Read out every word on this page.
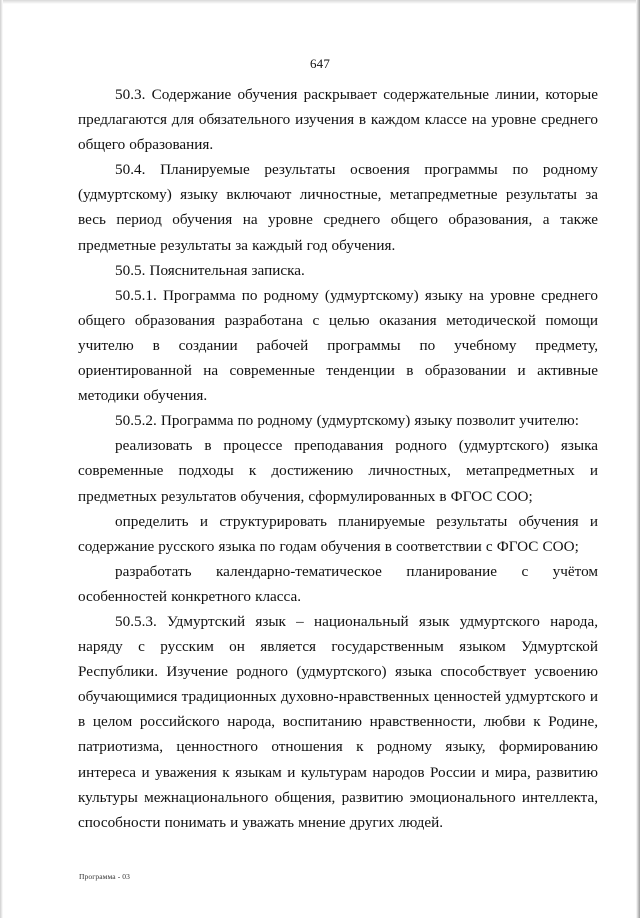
647

50.3. Содержание обучения раскрывает содержательные линии, которые предлагаются для обязательного изучения в каждом классе на уровне среднего общего образования.

50.4. Планируемые результаты освоения программы по родному (удмуртскому) языку включают личностные, метапредметные результаты за весь период обучения на уровне среднего общего образования, а также предметные результаты за каждый год обучения.

50.5. Пояснительная записка.

50.5.1. Программа по родному (удмуртскому) языку на уровне среднего общего образования разработана с целью оказания методической помощи учителю в создании рабочей программы по учебному предмету, ориентированной на современные тенденции в образовании и активные методики обучения.

50.5.2. Программа по родному (удмуртскому) языку позволит учителю:

реализовать в процессе преподавания родного (удмуртского) языка современные подходы к достижению личностных, метапредметных и предметных результатов обучения, сформулированных в ФГОС СОО;

определить и структурировать планируемые результаты обучения и содержание русского языка по годам обучения в соответствии с ФГОС СОО;

разработать календарно-тематическое планирование с учётом особенностей конкретного класса.

50.5.3. Удмуртский язык – национальный язык удмуртского народа, наряду с русским он является государственным языком Удмуртской Республики. Изучение родного (удмуртского) языка способствует усвоению обучающимися традиционных духовно-нравственных ценностей удмуртского и в целом российского народа, воспитанию нравственности, любви к Родине, патриотизма, ценностного отношения к родному языку, формированию интереса и уважения к языкам и культурам народов России и мира, развитию культуры межнационального общения, развитию эмоционального интеллекта, способности понимать и уважать мнение других людей.

Программа - 03
